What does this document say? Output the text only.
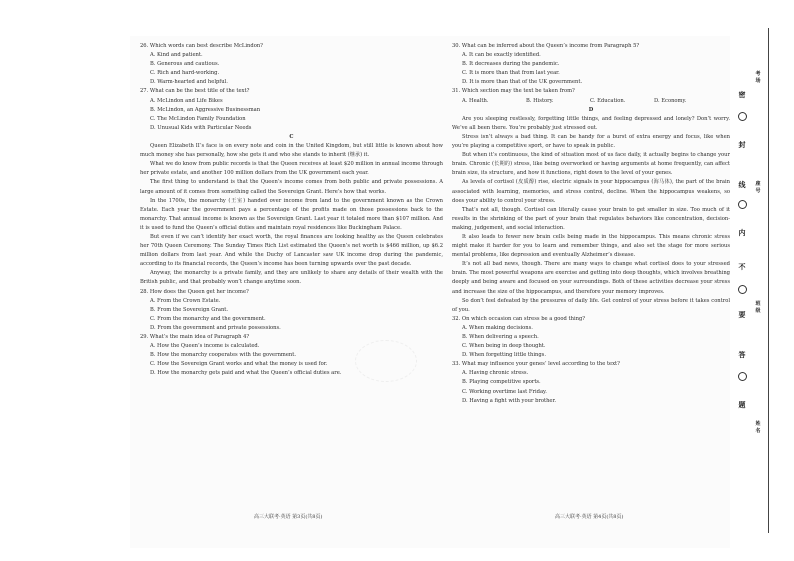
26. Which words can best describe McLindon?

A. Kind and patient.

B. Generous and cautious.

C. Rich and hard-working.

D. Warm-hearted and helpful.

27. What can be the best title of the text?

A. McLindon and Life Bikes

B. McLindon, an Aggressive Businessman

C. The McLindon Family Foundation

D. Unusual Kids with Particular Needs

C

Queen Elizabeth II’s face is on every note and coin in the United Kingdom, but still little is known about how much money she has personally, how she gets it and who she stands to inherit (继承) it.

What we do know from public records is that the Queen receives at least $20 million in annual income through her private estate, and another 100 million dollars from the UK government each year.

The first thing to understand is that the Queen’s income comes from both public and private possessions. A large amount of it comes from something called the Sovereign Grant. Here’s how that works.

In the 1700s, the monarchy (王室) handed over income from land to the government known as the Crown Estate. Each year the government pays a percentage of the profits made on those possessions back to the monarchy. That annual income is known as the Sovereign Grant. Last year it totaled more than $107 million. And it is used to fund the Queen’s official duties and maintain royal residences like Buckingham Palace.

But even if we can’t identify her exact worth, the royal finances are looking healthy as the Queen celebrates her 70th Queen Ceremony. The Sunday Times Rich List estimated the Queen’s net worth is $466 million, up $6.2 million dollars from last year. And while the Duchy of Lancaster saw UK income drop during the pandemic, according to its financial records, the Queen’s income has been turning upwards over the past decade.

Anyway, the monarchy is a private family, and they are unlikely to share any details of their wealth with the British public, and that probably won’t change anytime soon.

28. How does the Queen get her income?

A. From the Crown Estate.

B. From the Sovereign Grant.

C. From the monarchy and the government.

D. From the government and private possessions.

29. What’s the main idea of Paragraph 4?

A. How the Queen’s income is calculated.

B. How the monarchy cooperates with the government.

C. How the Sovereign Grant works and what the money is used for.

D. How the monarchy gets paid and what the Queen’s official duties are.

30. What can be inferred about the Queen’s income from Paragraph 5?

A. It can be exactly identified.

B. It decreases during the pandemic.

C. It is more than that from last year.

D. It is more than that of the UK government.

31. Which section may the text be taken from?

A. Health.	B. History.	C. Education.	D. Economy.

D

Are you sleeping restlessly, forgetting little things, and feeling depressed and lonely? Don’t worry. We’ve all been there. You’re probably just stressed out.

Stress isn’t always a bad thing. It can be handy for a burst of extra energy and focus, like when you’re playing a competitive sport, or have to speak in public.

But when it’s continuous, the kind of situation most of us face daily, it actually begins to change your brain. Chronic (长期的) stress, like being overworked or having arguments at home frequently, can affect brain size, its structure, and how it functions, right down to the level of your genes.

As levels of cortisol (皮质醇) rise, electric signals in your hippocampus (海马体), the part of the brain associated with learning, memories, and stress control, decline. When the hippocampus weakens, so does your ability to control your stress.

That’s not all, though. Cortisol can literally cause your brain to get smaller in size. Too much of it results in the shrinking of the part of your brain that regulates behaviors like concentration, decision-making, judgement, and social interaction.

It also leads to fewer new brain cells being made in the hippocampus. This means chronic stress might make it harder for you to learn and remember things, and also set the stage for more serious mental problems, like depression and eventually Alzheimer’s disease.

It’s not all bad news, though. There are many ways to change what cortisol does to your stressed brain. The most powerful weapons are exercise and getting into deep thoughts, which involves breathing deeply and being aware and focused on your surroundings. Both of these activities decrease your stress and increase the size of the hippocampus, and therefore your memory improves.

So don’t feel defeated by the pressures of daily life. Get control of your stress before it takes control of you.

32. On which occasion can stress be a good thing?

A. When making decisions.

B. When delivering a speech.

C. When being in deep thought.

D. When forgetting little things.

33. What may influence your genes’ level according to the text?

A. Having chronic stress.

B. Playing competitive sports.

C. Working overtime last Friday.

D. Having a fight with your brother.

高三大联考·英语 第3页(共8页)	高三大联考·英语 第4页(共8页)
密
封
线
内
不
要
答
题
考场
座号
班级
姓名
